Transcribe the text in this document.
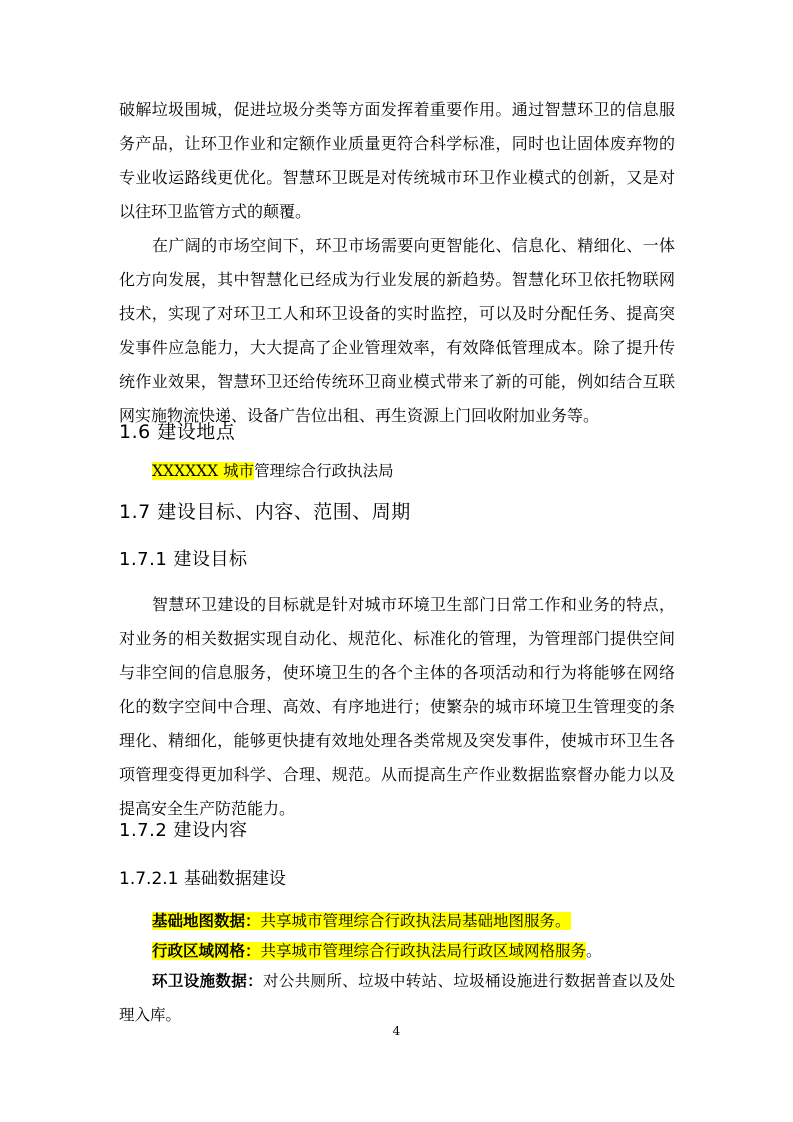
破解垃圾围城，促进垃圾分类等方面发挥着重要作用。通过智慧环卫的信息服务产品，让环卫作业和定额作业质量更符合科学标准，同时也让固体废弃物的专业收运路线更优化。智慧环卫既是对传统城市环卫作业模式的创新，又是对以往环卫监管方式的颠覆。

在广阔的市场空间下，环卫市场需要向更智能化、信息化、精细化、一体化方向发展，其中智慧化已经成为行业发展的新趋势。智慧化环卫依托物联网技术，实现了对环卫工人和环卫设备的实时监控，可以及时分配任务、提高突发事件应急能力，大大提高了企业管理效率，有效降低管理成本。除了提升传统作业效果，智慧环卫还给传统环卫商业模式带来了新的可能，例如结合互联网实施物流快递、设备广告位出租、再生资源上门回收附加业务等。

1.6 建设地点

XXXXXX 城市管理综合行政执法局

1.7 建设目标、内容、范围、周期
1.7.1 建设目标

智慧环卫建设的目标就是针对城市环境卫生部门日常工作和业务的特点，对业务的相关数据实现自动化、规范化、标准化的管理，为管理部门提供空间与非空间的信息服务，使环境卫生的各个主体的各项活动和行为将能够在网络化的数字空间中合理、高效、有序地进行；使繁杂的城市环境卫生管理变的条理化、精细化，能够更快捷有效地处理各类常规及突发事件，使城市环卫生各项管理变得更加科学、合理、规范。从而提高生产作业数据监察督办能力以及提高安全生产防范能力。

1.7.2 建设内容
1.7.2.1 基础数据建设

基础地图数据：共享城市管理综合行政执法局基础地图服务。

行政区域网格：共享城市管理综合行政执法局行政区域网格服务。

环卫设施数据：对公共厕所、垃圾中转站、垃圾桶设施进行数据普查以及处理入库。

4
